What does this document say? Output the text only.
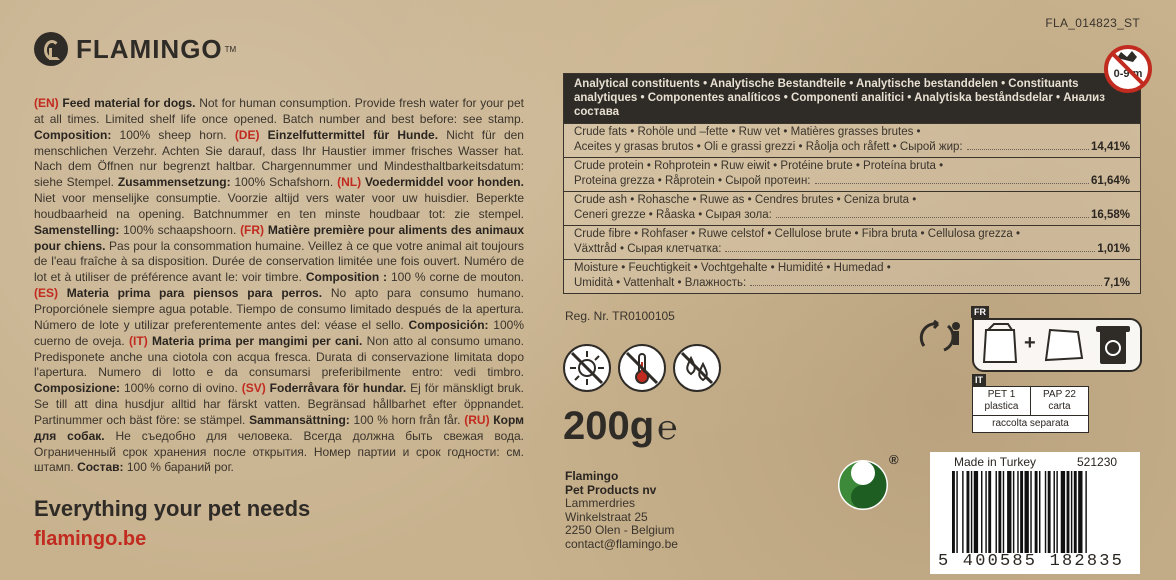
FLA_014823_ST
FLAMINGO TM

(EN) Feed material for dogs. Not for human consumption. Provide fresh water for your pet at all times. Limited shelf life once opened. Batch number and best before: see stamp. Composition: 100% sheep horn. (DE) Einzelfuttermittel für Hunde. Nicht für den menschlichen Verzehr. Achten Sie darauf, dass Ihr Haustier immer frisches Wasser hat. Nach dem Öffnen nur begrenzt haltbar. Chargennummer und Mindesthaltbarkeitsdatum: siehe Stempel. Zusammensetzung: 100% Schafshorn. (NL) Voedermiddel voor honden. Niet voor menselijke consumptie. Voorzie altijd vers water voor uw huisdier. Beperkte houdbaarheid na opening. Batchnummer en ten minste houdbaar tot: zie stempel. Samenstelling: 100% schaapshoorn. (FR) Matière première pour aliments des animaux pour chiens. Pas pour la consommation humaine. Veillez à ce que votre animal ait toujours de l'eau fraîche à sa disposition. Durée de conservation limitée une fois ouvert. Numéro de lot et à utiliser de préférence avant le: voir timbre. Composition : 100 % corne de mouton. (ES) Materia prima para piensos para perros. No apto para consumo humano. Proporciónele siempre agua potable. Tiempo de consumo limitado después de la apertura. Número de lote y utilizar preferentemente antes del: véase el sello. Composición: 100% cuerno de oveja. (IT) Materia prima per mangimi per cani. Non atto al consumo umano. Predisponete anche una ciotola con acqua fresca. Durata di conservazione limitata dopo l'apertura. Numero di lotto e da consumarsi preferibilmente entro: vedi timbro. Composizione: 100% corno di ovino. (SV) Foderråvara för hundar. Ej för mänskligt bruk. Se till att dina husdjur alltid har färskt vatten. Begränsad hållbarhet efter öppnandet. Partinummer och bäst före: se stämpel. Sammansättning: 100 % horn från får. (RU) Корм для собак. Не съедобно для человека. Всегда должна быть свежая вода. Ограниченный срок хранения после открытия. Номер партии и срок годности: см. штамп. Состав: 100 % бараний рог.

Everything your pet needs
flamingo.be
Analytical constituents • Analytische Bestandteile • Analytische bestanddelen • Constituants analytiques • Componentes analíticos • Componenti analitici • Analytiska beståndsdelar • Анализ состава
Crude fats • Rohöle und –fette • Ruw vet • Matières grasses brutes •
Aceites y grasas brutos • Oli e grassi grezzi • Råolja och råfett • Сырой жир:	14,41%
Crude protein • Rohprotein • Ruw eiwit • Protéine brute • Proteína bruta •
Proteina grezza • Råprotein • Сырой протеин:	61,64%
Crude ash • Rohasche • Ruwe as • Cendres brutes • Ceniza bruta •
Ceneri grezze • Råaska • Сырая зола:	16,58%
Crude fibre • Rohfaser • Ruwe celstof • Cellulose brute • Fibra bruta • Cellulosa grezza •
Växttråd • Сырая клетчатка:	1,01%
Moisture • Feuchtigkeit • Vochtgehalte • Humidité • Humedad •
Umidità • Vattenhalt • Влажность:	7,1%
0-9 m
Reg. Nr. TR0100105
200g℮
Flamingo
Pet Products nv
Lammerdries
Winkelstraat 25
2250 Olen - Belgium
contact@flamingo.be
FR
+
IT
PET 1
plastica
PAP 22
carta
raccolta separata
®	Made in Turkey	521230
5 400585 182835
